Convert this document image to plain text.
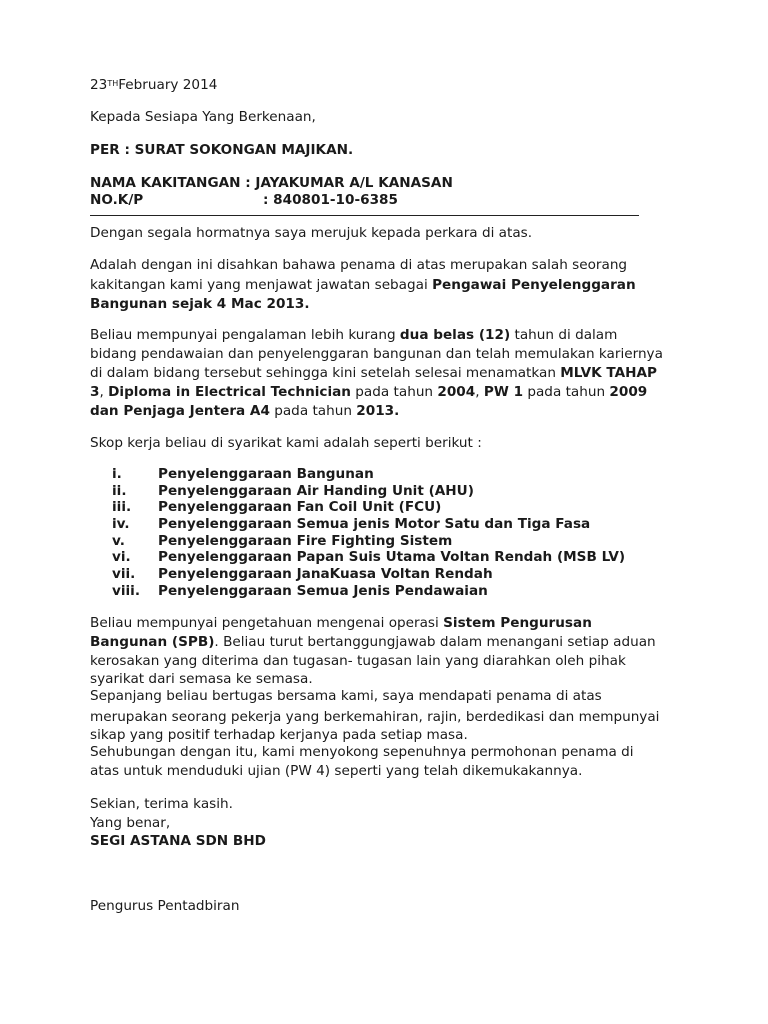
23THFebruary 2014
Kepada Sesiapa Yang Berkenaan,
PER : SURAT SOKONGAN MAJIKAN.
NAMA KAKITANGAN : JAYAKUMAR A/L KANASAN
NO.K/P	: 840801-10-6385
Dengan segala hormatnya saya merujuk kepada perkara di atas.
Adalah dengan ini disahkan bahawa penama di atas merupakan salah seorang
kakitangan kami yang menjawat jawatan sebagai Pengawai Penyelenggaran
Bangunan sejak 4 Mac 2013.
Beliau mempunyai pengalaman lebih kurang dua belas (12) tahun di dalam
bidang pendawaian dan penyelenggaran bangunan dan telah memulakan kariernya
di dalam bidang tersebut sehingga kini setelah selesai menamatkan MLVK TAHAP
3, Diploma in Electrical Technician pada tahun 2004, PW 1 pada tahun 2009
dan Penjaga Jentera A4 pada tahun 2013.
Skop kerja beliau di syarikat kami adalah seperti berikut :
i.	Penyelenggaraan Bangunan
ii. Penyelenggaraan Air Handing Unit (AHU)
iii. Penyelenggaraan Fan Coil Unit (FCU)
iv. Penyelenggaraan Semua jenis Motor Satu dan Tiga Fasa
v. Penyelenggaraan Fire Fighting Sistem
vi. Penyelenggaraan Papan Suis Utama Voltan Rendah (MSB LV)
vii. Penyelenggaraan JanaKuasa Voltan Rendah
viii. Penyelenggaraan Semua Jenis Pendawaian
Beliau mempunyai pengetahuan mengenai operasi Sistem Pengurusan
Bangunan (SPB). Beliau turut bertanggungjawab dalam menangani setiap aduan
kerosakan yang diterima dan tugasan- tugasan lain yang diarahkan oleh pihak
syarikat dari semasa ke semasa.
Sepanjang beliau bertugas bersama kami, saya mendapati penama di atas
merupakan seorang pekerja yang berkemahiran, rajin, berdedikasi dan mempunyai
sikap yang positif terhadap kerjanya pada setiap masa.
Sehubungan dengan itu, kami menyokong sepenuhnya permohonan penama di
atas untuk menduduki ujian (PW 4) seperti yang telah dikemukakannya.
Sekian, terima kasih.
Yang benar,
SEGI ASTANA SDN BHD
Pengurus Pentadbiran
